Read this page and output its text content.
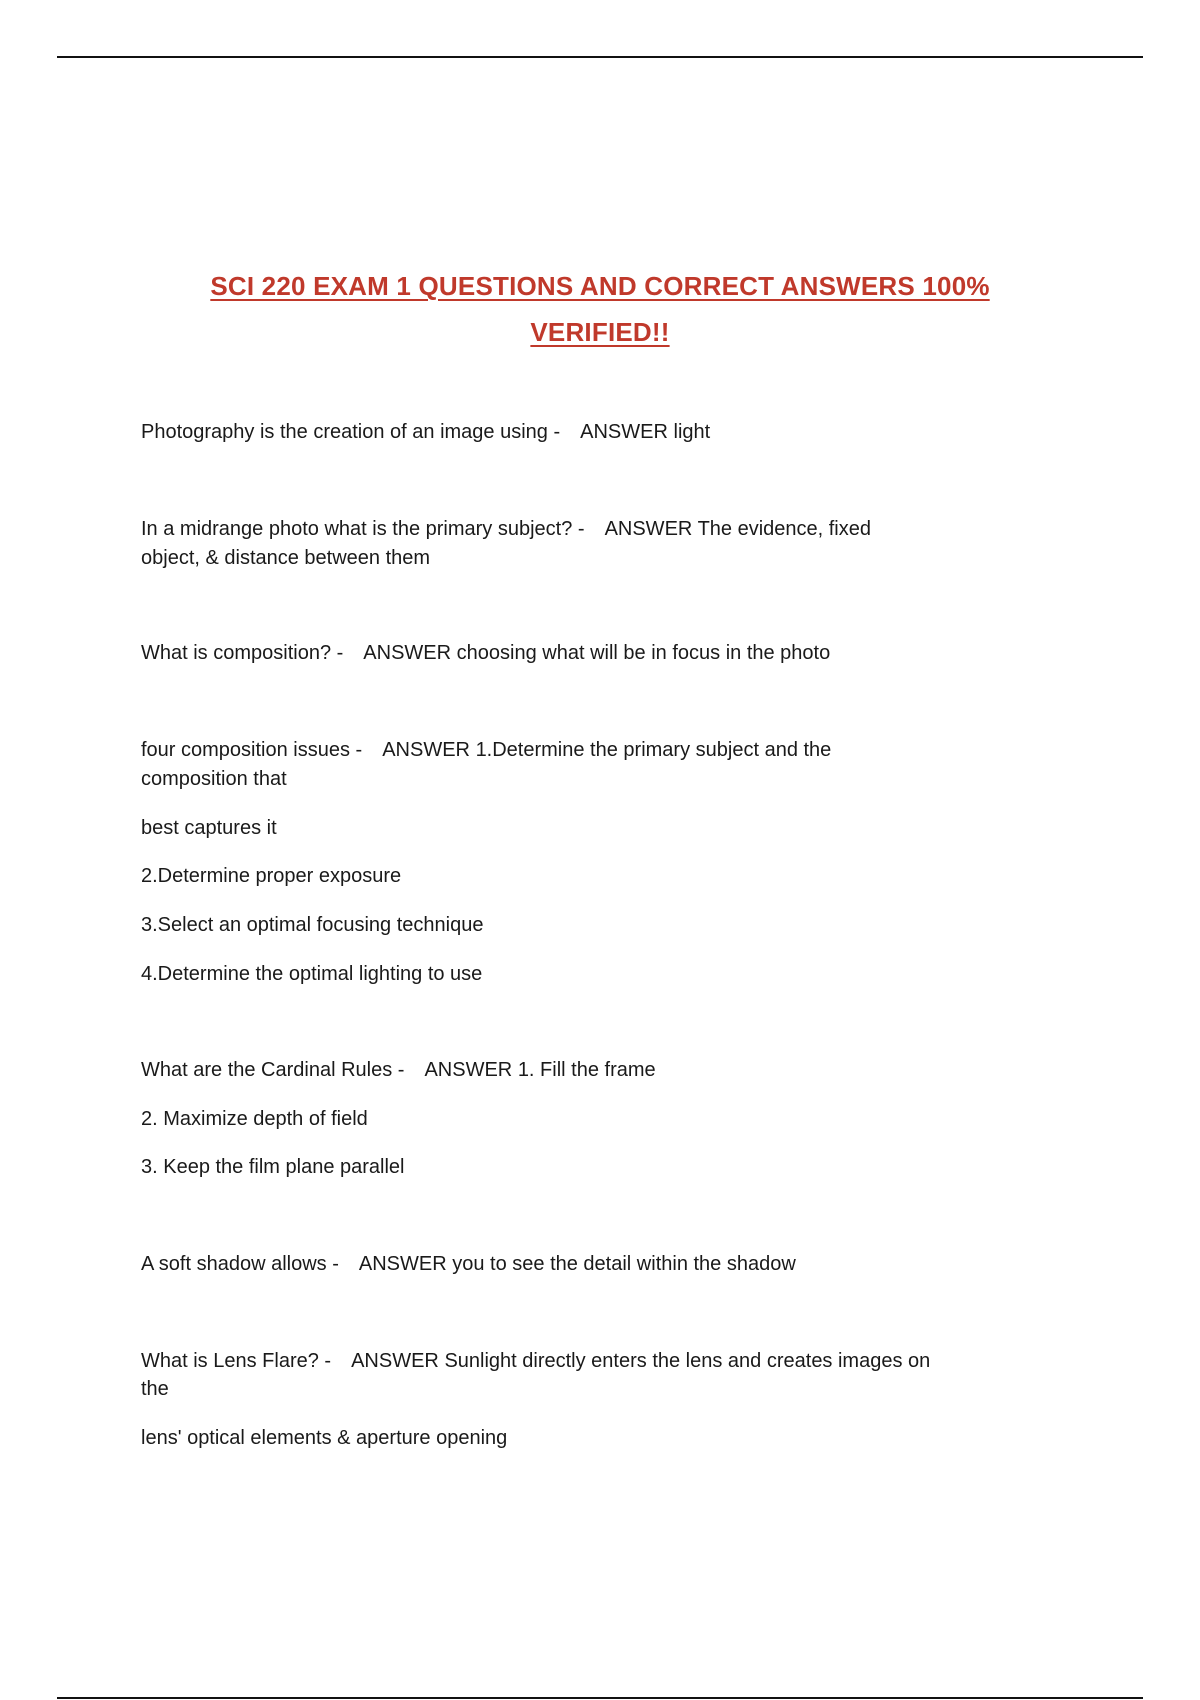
SCI 220 EXAM 1 QUESTIONS AND CORRECT ANSWERS 100%
VERIFIED!!
Photography is the creation of an image using - ANSWER light
In a midrange photo what is the primary subject? - ANSWER The evidence, fixed
object, & distance between them
What is composition? - ANSWER choosing what will be in focus in the photo
four composition issues - ANSWER 1.Determine the primary subject and the
composition that
best captures it
2.Determine proper exposure
3.Select an optimal focusing technique
4.Determine the optimal lighting to use
What are the Cardinal Rules - ANSWER 1. Fill the frame
2. Maximize depth of field
3. Keep the film plane parallel
A soft shadow allows - ANSWER you to see the detail within the shadow
What is Lens Flare? - ANSWER Sunlight directly enters the lens and creates images on
the
lens' optical elements & aperture opening
